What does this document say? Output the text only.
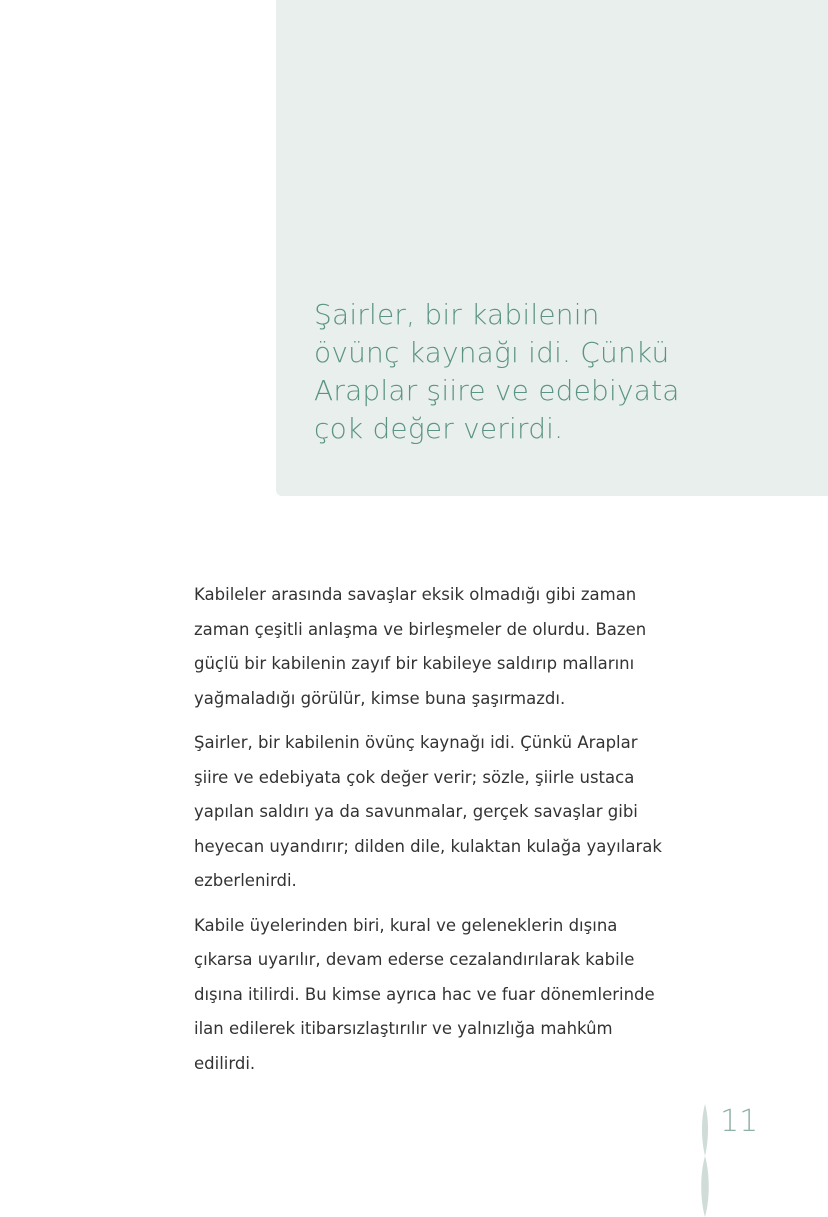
Şairler, bir kabilenin
övünç kaynağı idi. Çünkü
Araplar şiire ve edebiyata
çok değer verirdi.
Kabileler arasında savaşlar eksik olmadığı gibi zaman
zaman çeşitli anlaşma ve birleşmeler de olurdu. Bazen
güçlü bir kabilenin zayıf bir kabileye saldırıp mallarını
yağmaladığı görülür, kimse buna şaşırmazdı.
Şairler, bir kabilenin övünç kaynağı idi. Çünkü Araplar
şiire ve edebiyata çok değer verir; sözle, şiirle ustaca
yapılan saldırı ya da savunmalar, gerçek savaşlar gibi
heyecan uyandırır; dilden dile, kulaktan kulağa yayılarak
ezberlenirdi.
Kabile üyelerinden biri, kural ve geleneklerin dışına
çıkarsa uyarılır, devam ederse cezalandırılarak kabile
dışına itilirdi. Bu kimse ayrıca hac ve fuar dönemlerinde
ilan edilerek itibarsızlaştırılır ve yalnızlığa mahkûm
edilirdi.
11
